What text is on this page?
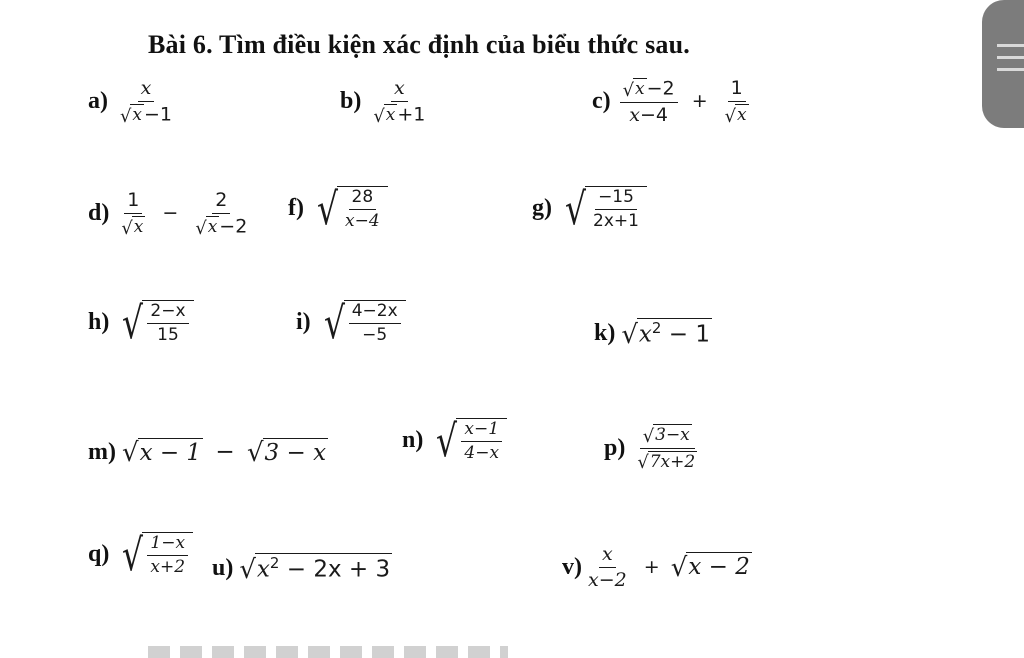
Bài 6. Tìm điều kiện xác định của biểu thức sau.
$a) \frac{x}{√ x -1}$	$b) \frac{x}{√ x +1}$	$c) \frac{√ x -2}{x-4} + \frac{1}{√ x}$
$d) \frac{1}{√ x} - \frac{2}{√ x -2} f$) √ $\frac{28}{x-4}$	g) √ $\frac{-15}{2x+1}$
h) √ $\frac{2-x}{15}$	i) √ $\frac{4-2x}{-5}$	k) √ $x^2 - 1$
m) √ x − 1 − √ 3 − x
n) √ $\frac{x-1}{4-x}$	$p) \frac{√ 3-x}{√ 7x+2}$
q) √ $\frac{1-x}{x+2} u$) √ $x^2 - 2x + 3$	$v) \frac{x}{x-2}$ + √ x − 2
